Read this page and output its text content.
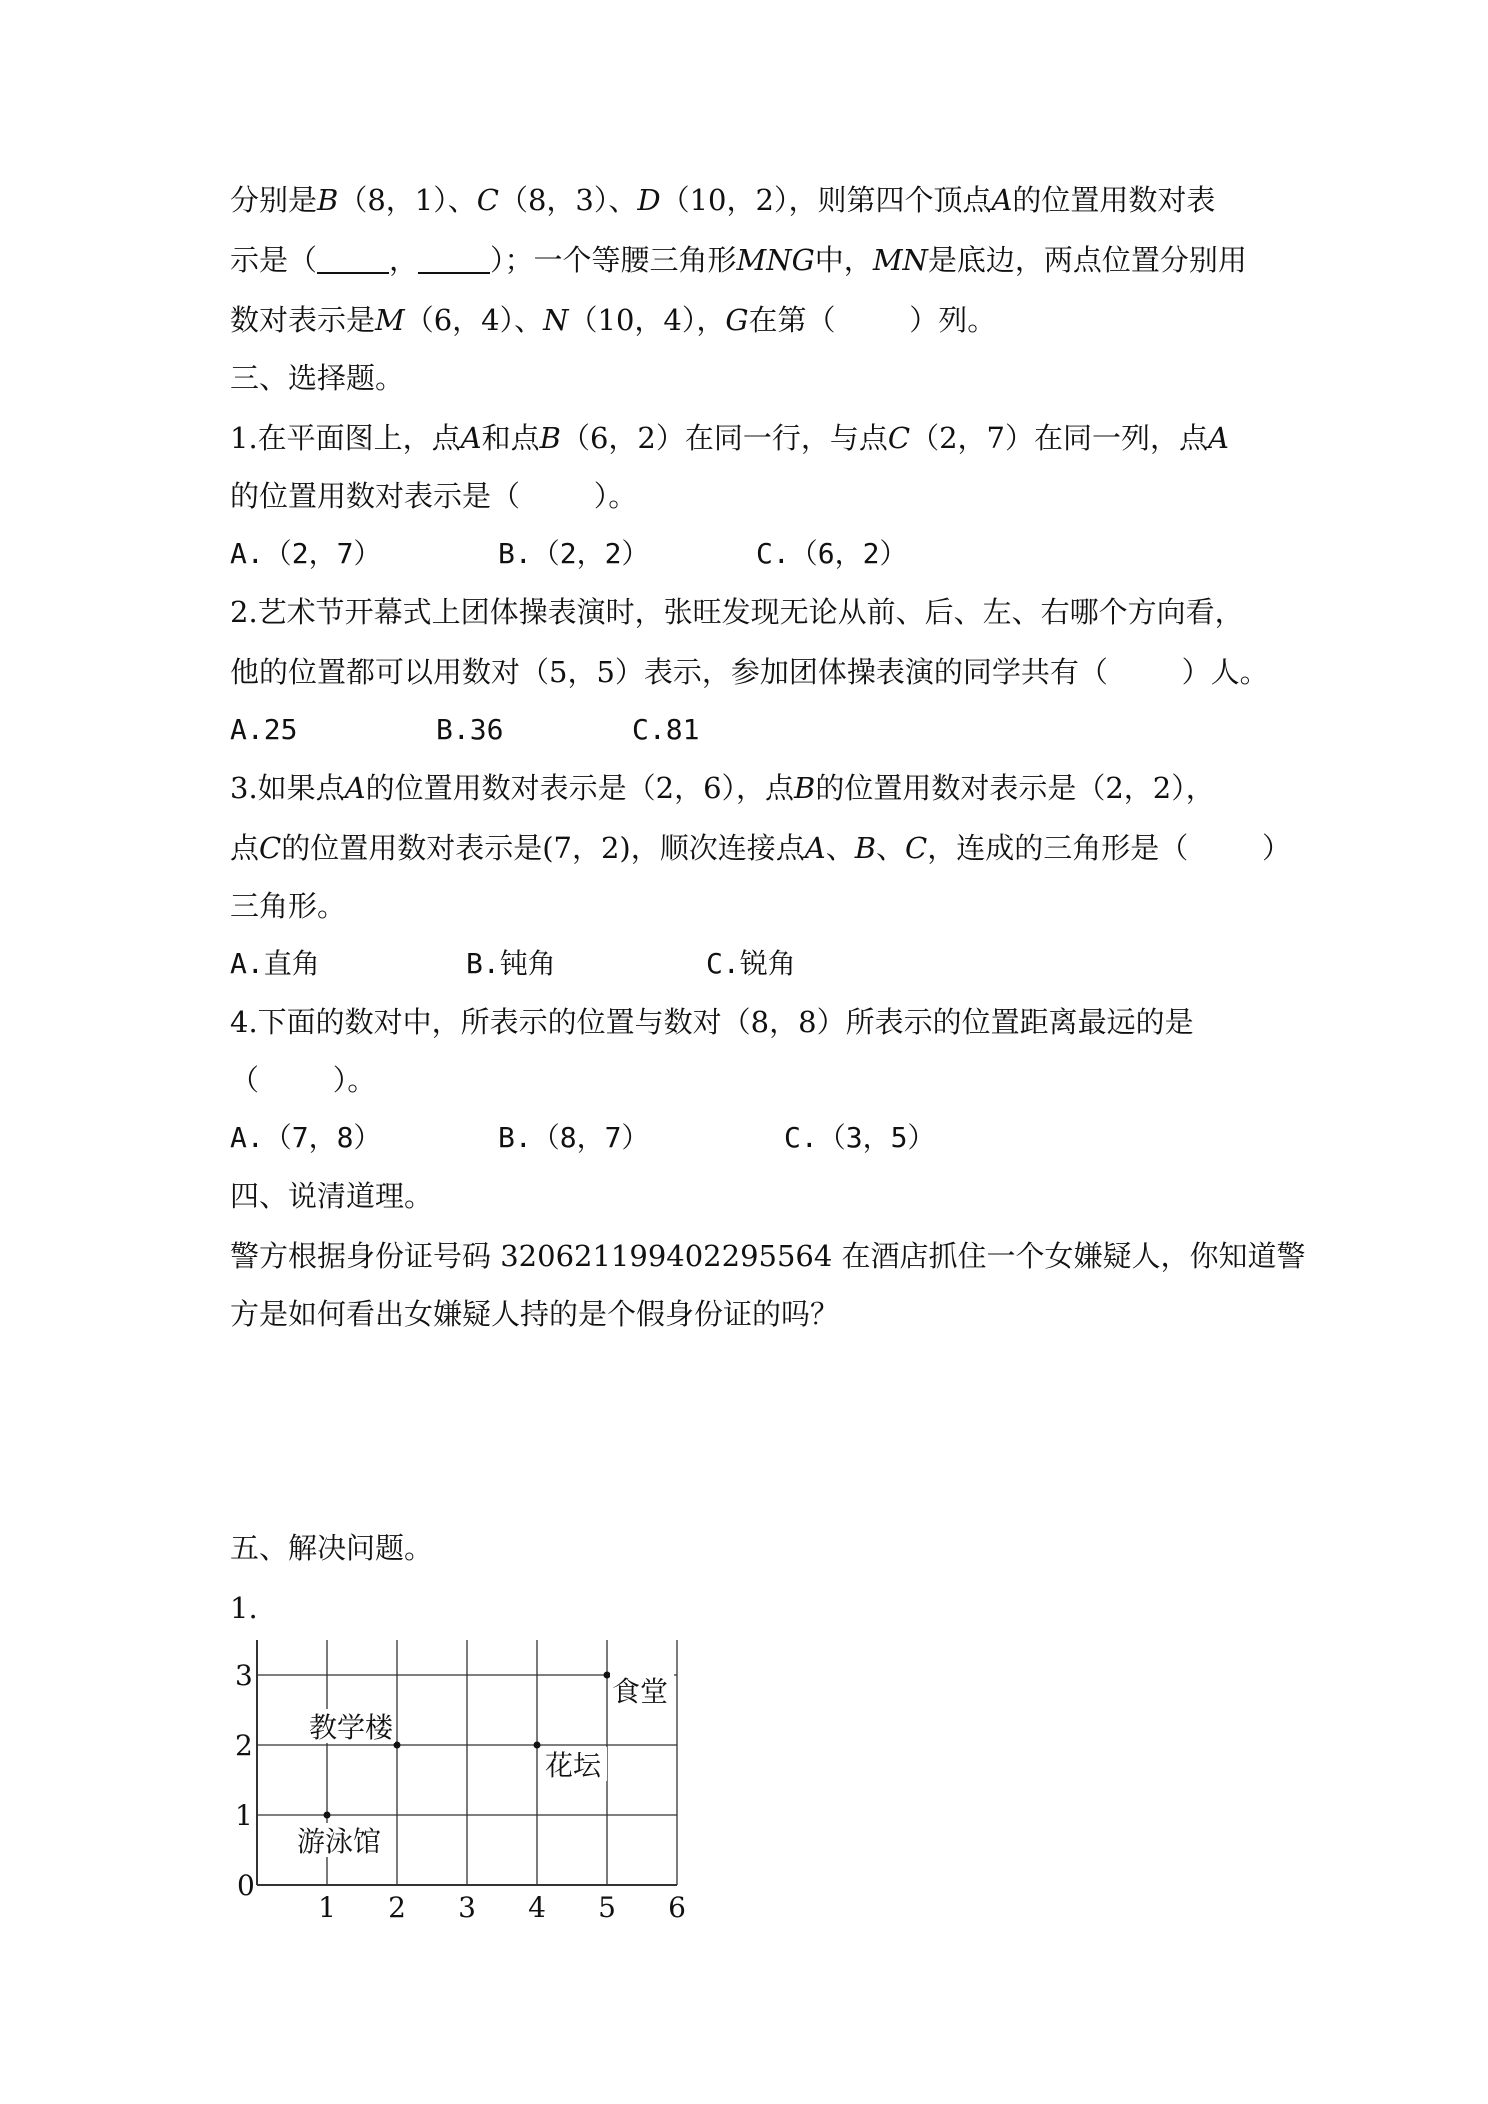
分别是B（8，1）、C（8，3）、D（10，2），则第四个顶点A的位置用数对表
示是（ ， ）；一个等腰三角形MNG中，MN是底边，两点位置分别用
数对表示是M（6，4）、N（10，4），G在第（        ）列。
三、选择题。
1.在平面图上，点A和点B（6，2）在同一行，与点C（2，7）在同一列，点A
的位置用数对表示是（        ）。
A.（2，7）	B.（2，2）	C.（6，2）
2.艺术节开幕式上团体操表演时，张旺发现无论从前、后、左、右哪个方向看，
他的位置都可以用数对（5，5）表示，参加团体操表演的同学共有（        ）人。
A.25	B.36	C.81
3.如果点A的位置用数对表示是（2，6），点B的位置用数对表示是（2，2），
点C的位置用数对表示是(7，2)，顺次连接点A、B、C，连成的三角形是（        ）
三角形。
A.直角	B.钝角	C.锐角
4.下面的数对中，所表示的位置与数对（8，8）所表示的位置距离最远的是
（        ）。
A.（7，8）	B.（8，7）	C.（3，5）
四、说清道理。
警方根据身份证号码 320621199402295564 在酒店抓住一个女嫌疑人，你知道警
方是如何看出女嫌疑人持的是个假身份证的吗？
五、解决问题。
1.
0
1 2 3 4 5 6
1
2
3	食堂
教学楼
花坛
游泳馆
